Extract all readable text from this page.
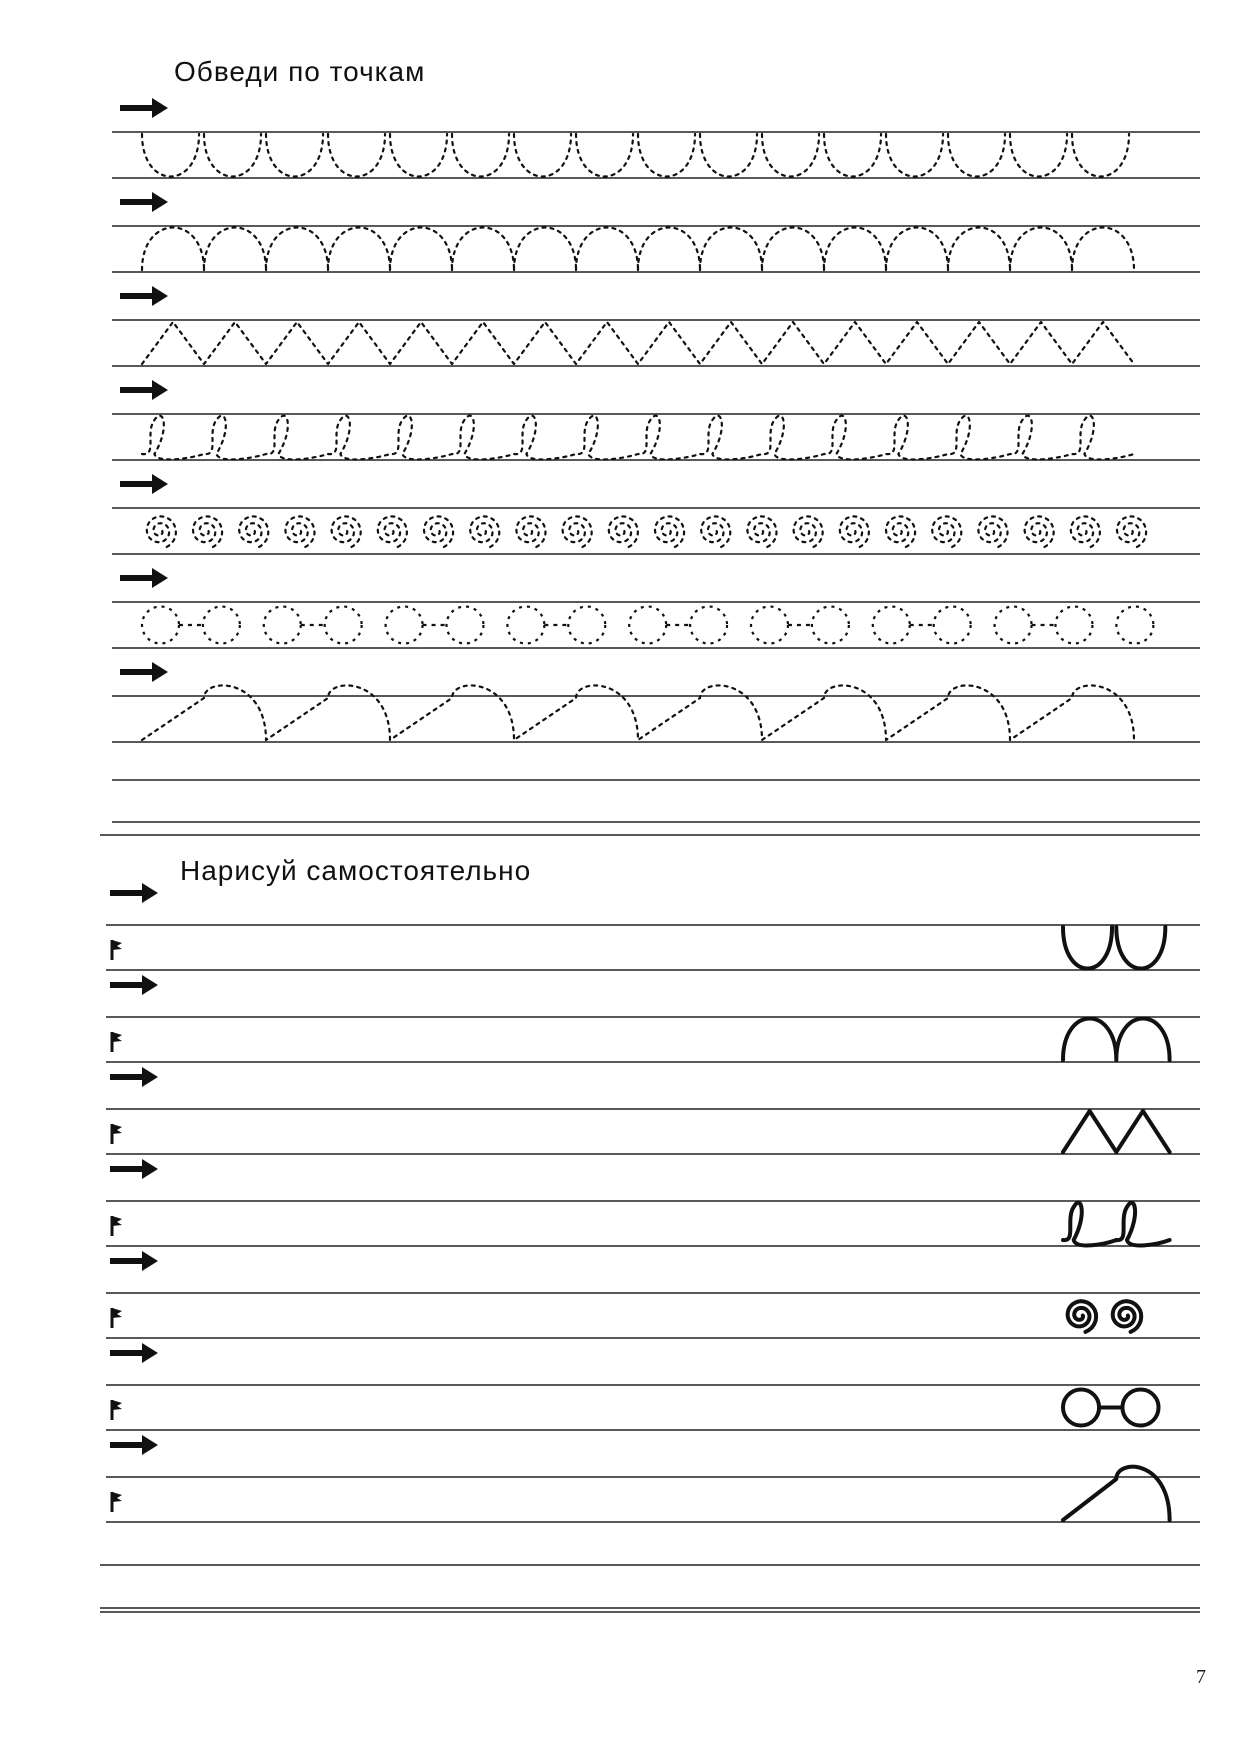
Обведи по точкам
Нарисуй самостоятельно
7
